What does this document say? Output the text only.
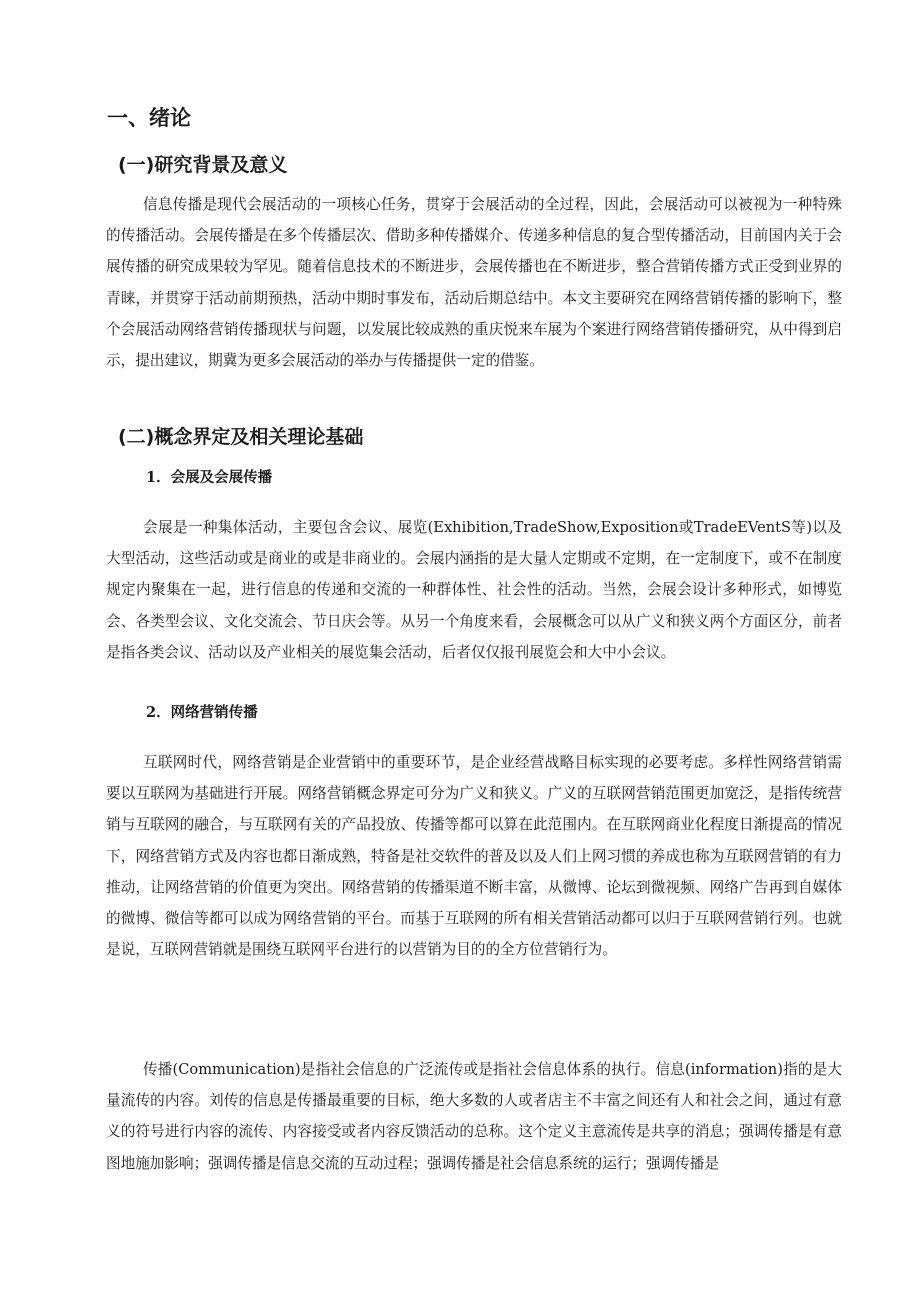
一、绪论
(一)研究背景及意义

信息传播是现代会展活动的一项核心任务，贯穿于会展活动的全过程，因此，会展活动可以被视为一种特殊的传播活动。会展传播是在多个传播层次、借助多种传播媒介、传递多种信息的复合型传播活动，目前国内关于会展传播的研究成果较为罕见。随着信息技术的不断进步，会展传播也在不断进步，整合营销传播方式正受到业界的青睐，并贯穿于活动前期预热，活动中期时事发布，活动后期总结中。本文主要研究在网络营销传播的影响下，整个会展活动网络营销传播现状与问题，以发展比较成熟的重庆悦来车展为个案进行网络营销传播研究，从中得到启示，提出建议，期冀为更多会展活动的举办与传播提供一定的借鉴。

(二)概念界定及相关理论基础
1．会展及会展传播

会展是一种集体活动，主要包含会议、展览(Exhibition,TradeShow,Exposition或TradeEVentS等)以及大型活动，这些活动或是商业的或是非商业的。会展内涵指的是大量人定期或不定期，在一定制度下，或不在制度规定内聚集在一起，进行信息的传递和交流的一种群体性、社会性的活动。当然，会展会设计多种形式，如博览会、各类型会议、文化交流会、节日庆会等。从另一个角度来看，会展概念可以从广义和狭义两个方面区分，前者是指各类会议、活动以及产业相关的展览集会活动，后者仅仅报刊展览会和大中小会议。

2．网络营销传播

互联网时代，网络营销是企业营销中的重要环节，是企业经营战略目标实现的必要考虑。多样性网络营销需要以互联网为基础进行开展。网络营销概念界定可分为广义和狭义。广义的互联网营销范围更加宽泛，是指传统营销与互联网的融合，与互联网有关的产品投放、传播等都可以算在此范围内。在互联网商业化程度日渐提高的情况下，网络营销方式及内容也都日渐成熟，特备是社交软件的普及以及人们上网习惯的养成也称为互联网营销的有力推动，让网络营销的价值更为突出。网络营销的传播渠道不断丰富，从微博、论坛到微视频、网络广告再到自媒体的微博、微信等都可以成为网络营销的平台。而基于互联网的所有相关营销活动都可以归于互联网营销行列。也就是说，互联网营销就是围绕互联网平台进行的以营销为目的的全方位营销行为。

传播(Communication)是指社会信息的广泛流传或是指社会信息体系的执行。信息(information)指的是大量流传的内容。刘传的信息是传播最重要的目标，绝大多数的人或者店主不丰富之间还有人和社会之间，通过有意义的符号进行内容的流传、内容接受或者内容反馈活动的总称。这个定义主意流传是共享的消息；强调传播是有意图地施加影响；强调传播是信息交流的互动过程；强调传播是社会信息系统的运行；强调传播是
